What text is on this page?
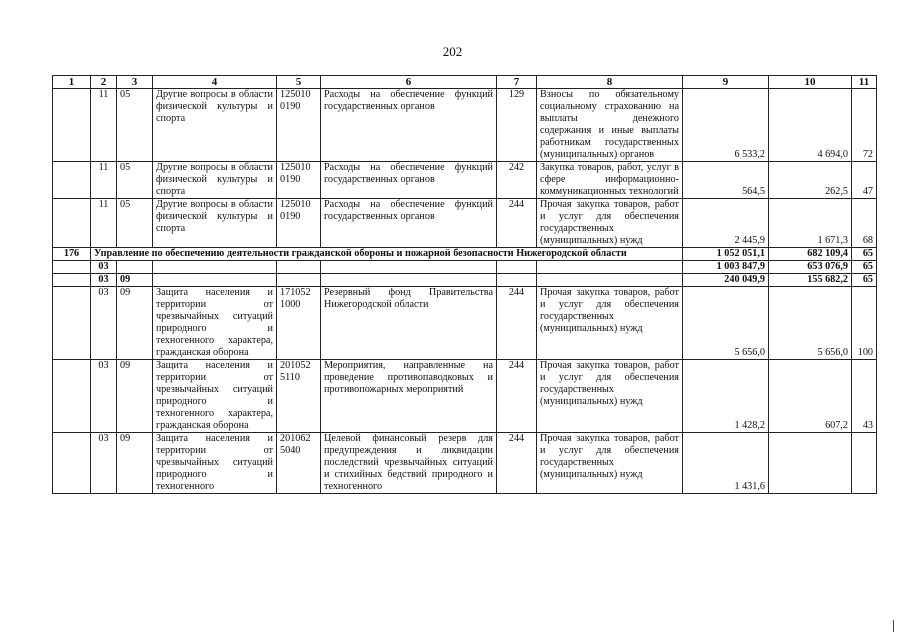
202
1	2	3	4	5	6	7	8	9	10	11
	11	05	Другие вопросы в области физической культуры и спорта	125010 0190	Расходы на обеспечение функций государственных органов	129	Взносы по обязательному социальному страхованию на выплаты денежного содержания и иные выплаты работникам государственных (муниципальных) органов	6 533,2	4 694,0	72
	11	05	Другие вопросы в области физической культуры и спорта	125010 0190	Расходы на обеспечение функций государственных органов	242	Закупка товаров, работ, услуг в сфере информационно-коммуникационных технологий	564,5	262,5	47
	11	05	Другие вопросы в области физической культуры и спорта	125010 0190	Расходы на обеспечение функций государственных органов	244	Прочая закупка товаров, работ и услуг для обеспечения государственных (муниципальных) нужд	2 445,9	1 671,3	68
176	Управление по обеспечению деятельности гражданской обороны и пожарной безопасности Нижегородской области							1 052 051,1	682 109,4	65
	03							1 003 847,9	653 076,9	65
	03	09						240 049,9	155 682,2	65
	03	09	Защита населения и территории от чрезвычайных ситуаций природного и техногенного характера, гражданская оборона	171052 1000	Резервный фонд Правительства Нижегородской области	244	Прочая закупка товаров, работ и услуг для обеспечения государственных (муниципальных) нужд	5 656,0	5 656,0	100
	03	09	Защита населения и территории от чрезвычайных ситуаций природного и техногенного характера, гражданская оборона	201052 5110	Мероприятия, направленные на проведение противопаводковых и противопожарных мероприятий	244	Прочая закупка товаров, работ и услуг для обеспечения государственных (муниципальных) нужд	1 428,2	607,2	43
	03	09	Защита населения и территории от чрезвычайных ситуаций природного и техногенного	201062 5040	Целевой финансовый резерв для предупреждения и ликвидации последствий чрезвычайных ситуаций и стихийных бедствий природного и техногенного	244	Прочая закупка товаров, работ и услуг для обеспечения государственных (муниципальных) нужд	1 431,6		
